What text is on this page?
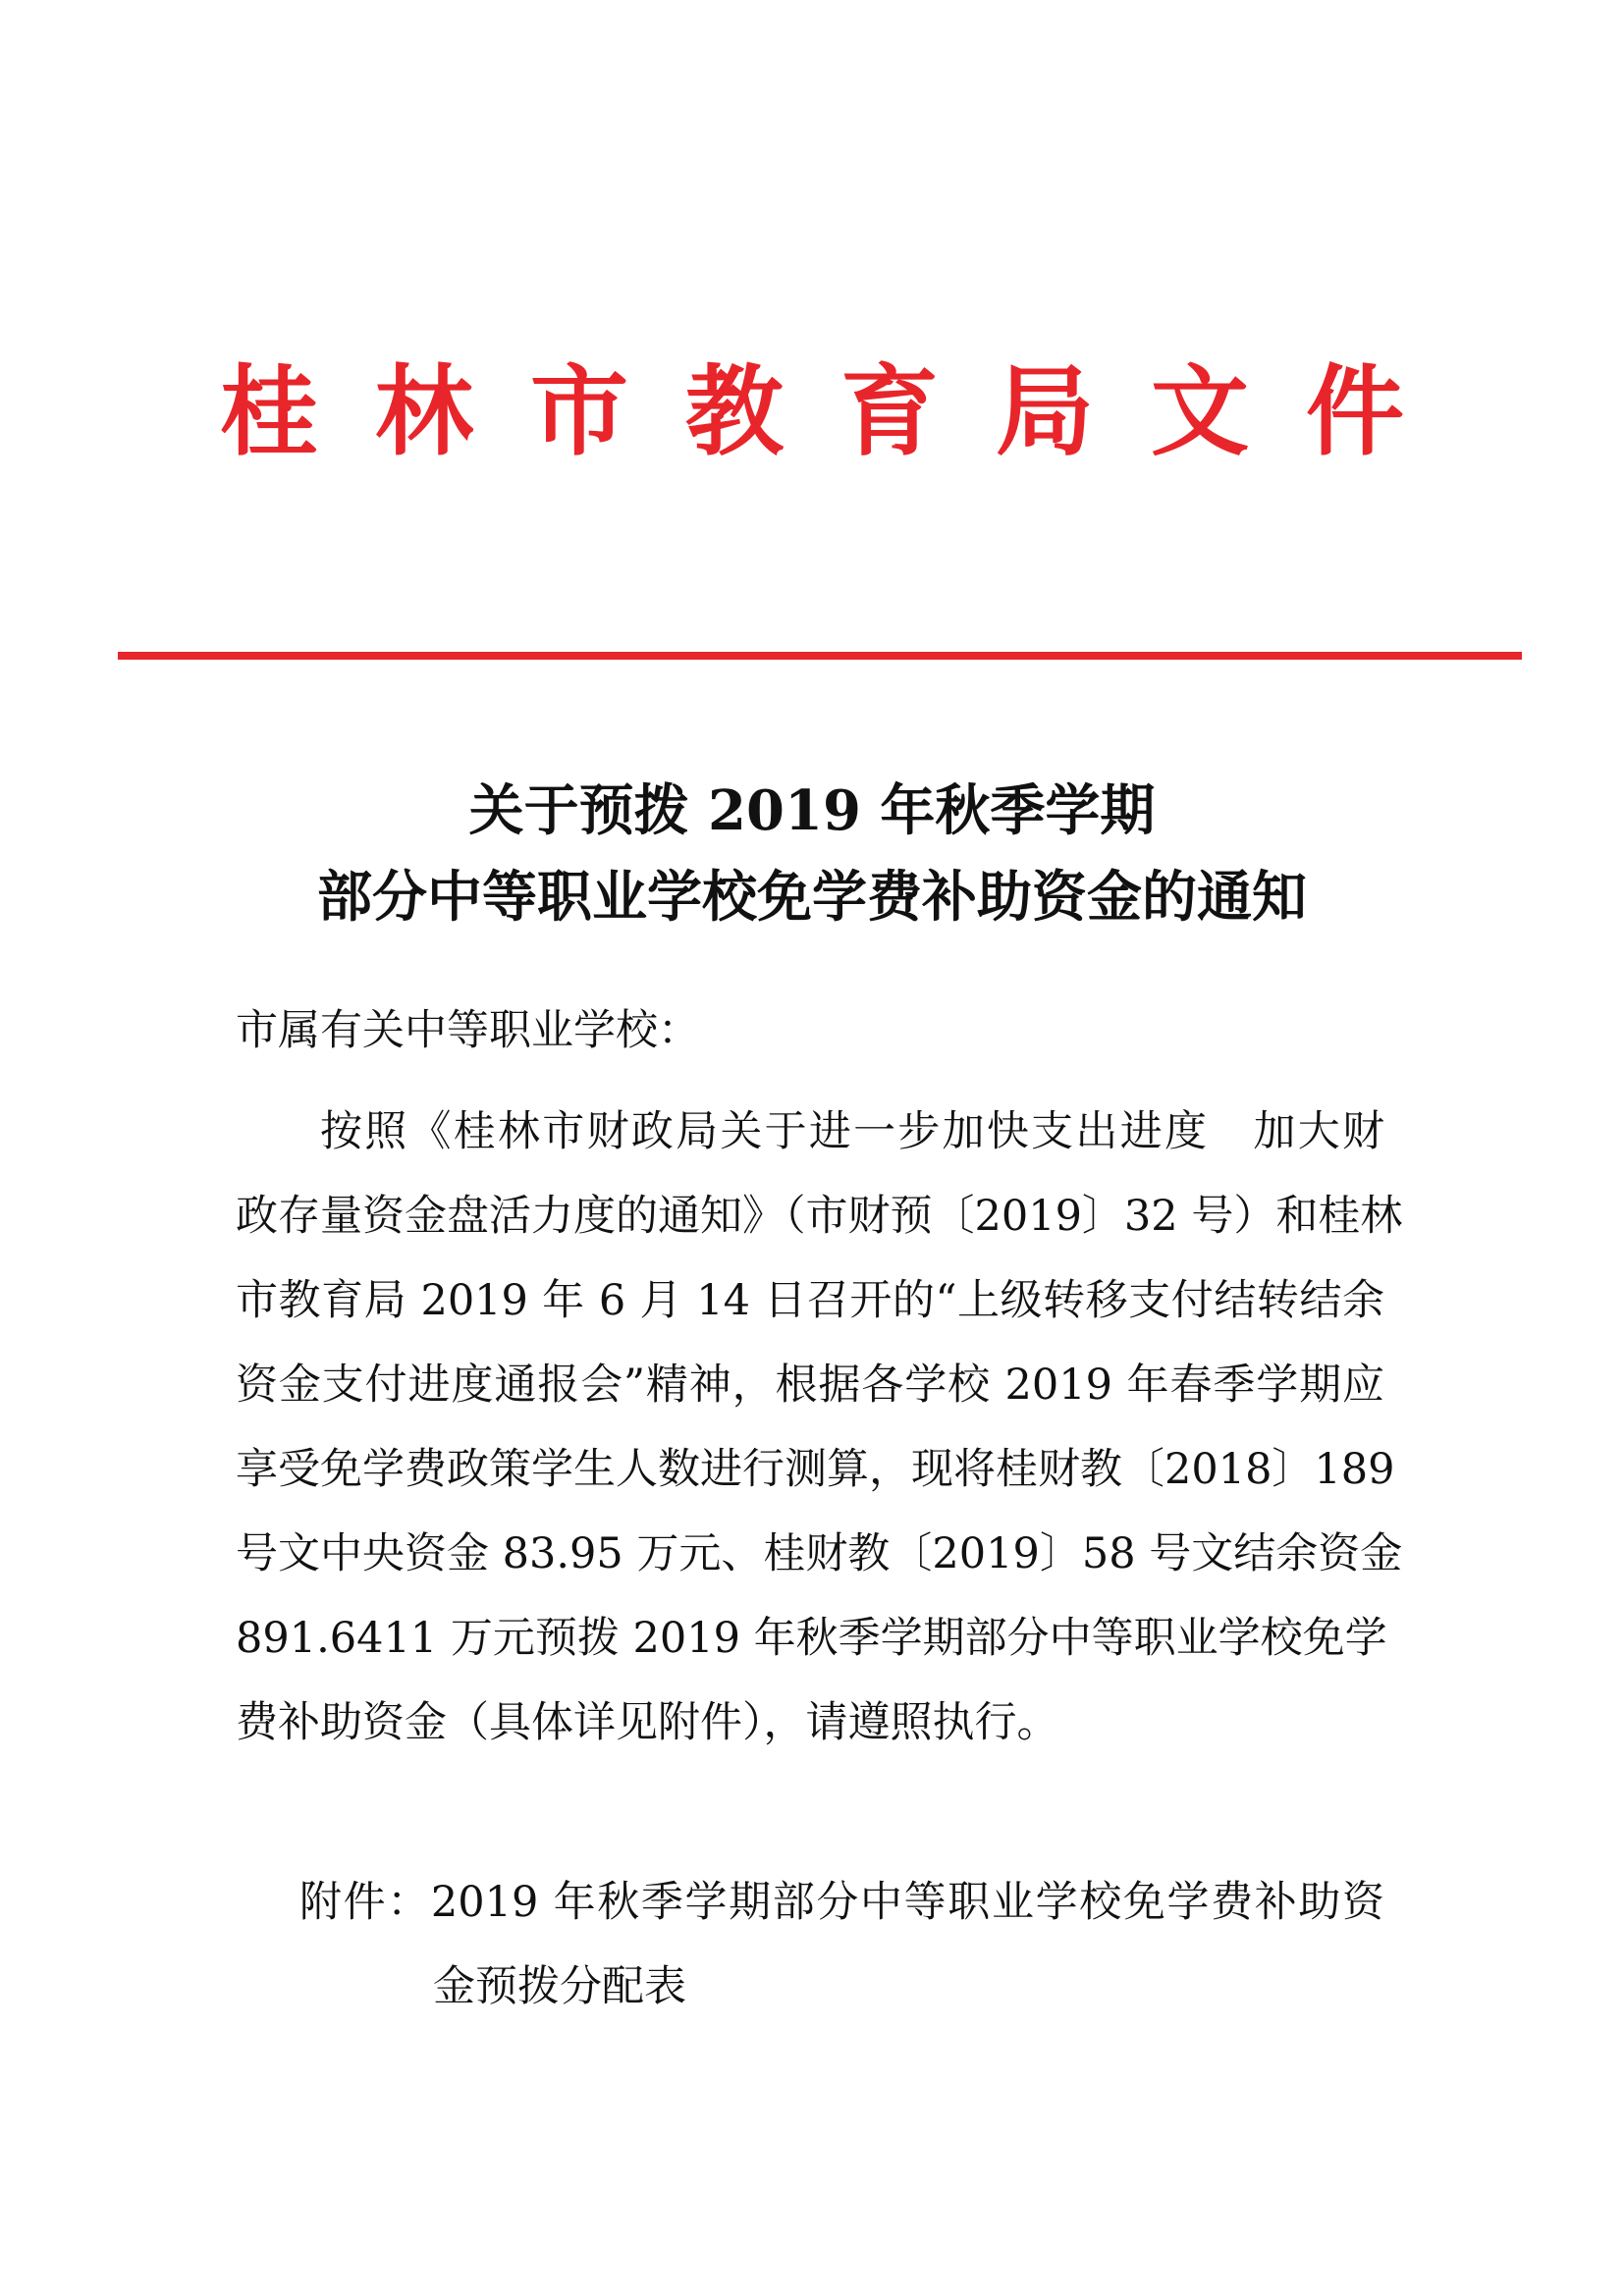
桂林市教育局文件
关于预拨 2019 年秋季学期
部分中等职业学校免学费补助资金的通知
市属有关中等职业学校：
按照《桂林市财政局关于进一步加快支出进度　加大财
政存量资金盘活力度的通知》（市财预〔2019〕32 号）和桂林
市教育局 2019 年 6 月 14 日召开的“上级转移支付结转结余
资金支付进度通报会”精神，根据各学校 2019 年春季学期应
享受免学费政策学生人数进行测算，现将桂财教〔2018〕189
号文中央资金 83.95 万元、桂财教〔2019〕58 号文结余资金
891.6411 万元预拨 2019 年秋季学期部分中等职业学校免学
费补助资金（具体详见附件），请遵照执行。
附件：2019 年秋季学期部分中等职业学校免学费补助资
金预拨分配表
